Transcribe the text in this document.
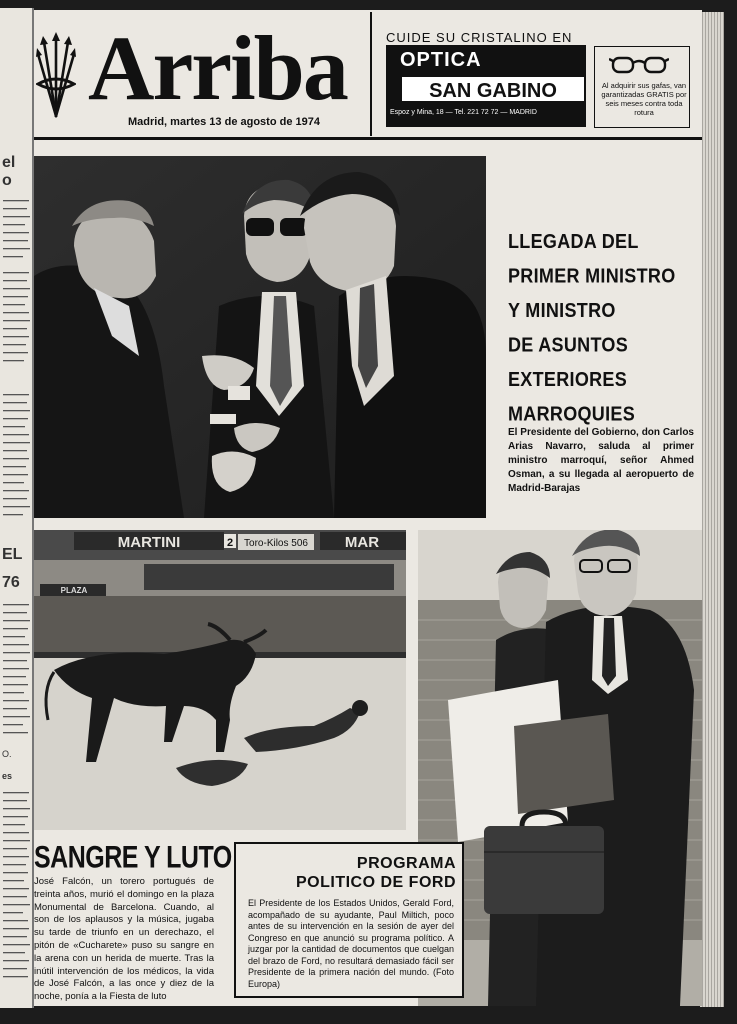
el
o
EL
76
O.
es
Arriba
Madrid, martes 13 de agosto de 1974
CUIDE SU CRISTALINO EN
OPTICA
SAN GABINO
Espoz y Mina, 18 — Tel. 221 72 72 — MADRID
Al adquirir sus gafas, van garantizadas GRATIS por seis meses contra toda rotura
LLEGADA DEL
PRIMER MINISTRO
Y MINISTRO
DE ASUNTOS
EXTERIORES
MARROQUIES
El Presidente del Gobierno, don Carlos Arias Navarro, saluda al primer ministro marroquí, señor Ahmed Osman, a su llegada al aeropuerto de Madrid-Barajas
MARTINI	2 Toro-Kilos 506 MAR
PLAZA
SANGRE Y LUTO
José Falcón, un torero portugués de treinta años, murió el domingo en la plaza Monumental de Barcelona. Cuando, al son de los aplausos y la música, jugaba su tarde de triunfo en un derechazo, el pitón de «Cucharete» puso su sangre en la arena con un herida de muerte. Tras la inútil intervención de los médicos, la vida de José Falcón, a las once y diez de la noche, ponía a la Fiesta de luto
PROGRAMA
POLITICO DE FORD
El Presidente de los Estados Unidos, Gerald Ford, acompañado de su ayudante, Paul Miltich, poco antes de su intervención en la sesión de ayer del Congreso en que anunció su programa político. A juzgar por la cantidad de documentos que cuelgan del brazo de Ford, no resultará demasiado fácil ser Presidente de la primera nación del mundo. (Foto Europa)
